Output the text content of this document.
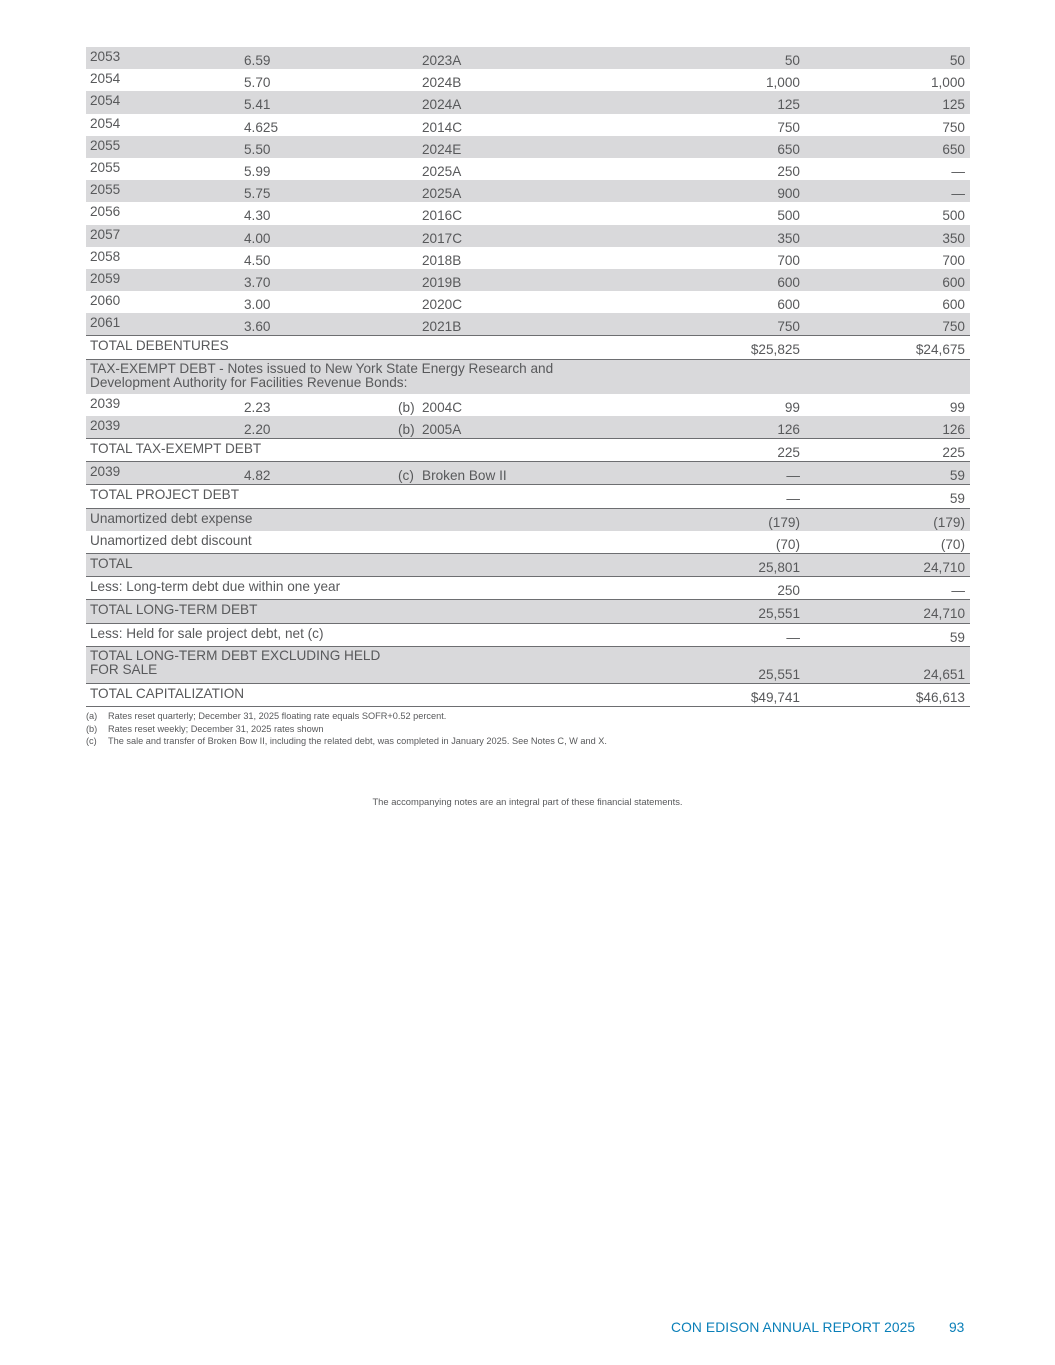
2053	6.59	2023A	50	50
2054	5.70	2024B	1,000	1,000
2054	5.41	2024A	125	125
2054	4.625	2014C	750	750
2055	5.50	2024E	650	650
2055	5.99	2025A	250	—
2055	5.75	2025A	900	—
2056	4.30	2016C	500	500
2057	4.00	2017C	350	350
2058	4.50	2018B	700	700
2059	3.70	2019B	600	600
2060	3.00	2020C	600	600
2061	3.60	2021B	750	750
TOTAL DEBENTURES	$25,825	$24,675
TAX-EXEMPT DEBT - Notes issued to New York State Energy Research and Development Authority for Facilities Revenue Bonds:
2039	2.23	(b) 2004C	99	99
2039	2.20	(b) 2005A	126	126
TOTAL TAX-EXEMPT DEBT	225	225
2039	4.82	(c) Broken Bow II	—	59
TOTAL PROJECT DEBT	—	59
Unamortized debt expense	(179)	(179)
Unamortized debt discount	(70)	(70)
TOTAL	25,801	24,710
Less: Long-term debt due within one year	250	—
TOTAL LONG-TERM DEBT	25,551	24,710
Less: Held for sale project debt, net (c)	—	59
TOTAL LONG-TERM DEBT EXCLUDING HELD FOR SALE	25,551	24,651
TOTAL CAPITALIZATION	$49,741	$46,613
(a) Rates reset quarterly; December 31, 2025 floating rate equals SOFR+0.52 percent.
(b) Rates reset weekly; December 31, 2025 rates shown
(c) The sale and transfer of Broken Bow II, including the related debt, was completed in January 2025. See Notes C, W and X.
The accompanying notes are an integral part of these financial statements.
CON EDISON ANNUAL REPORT 2025 93
